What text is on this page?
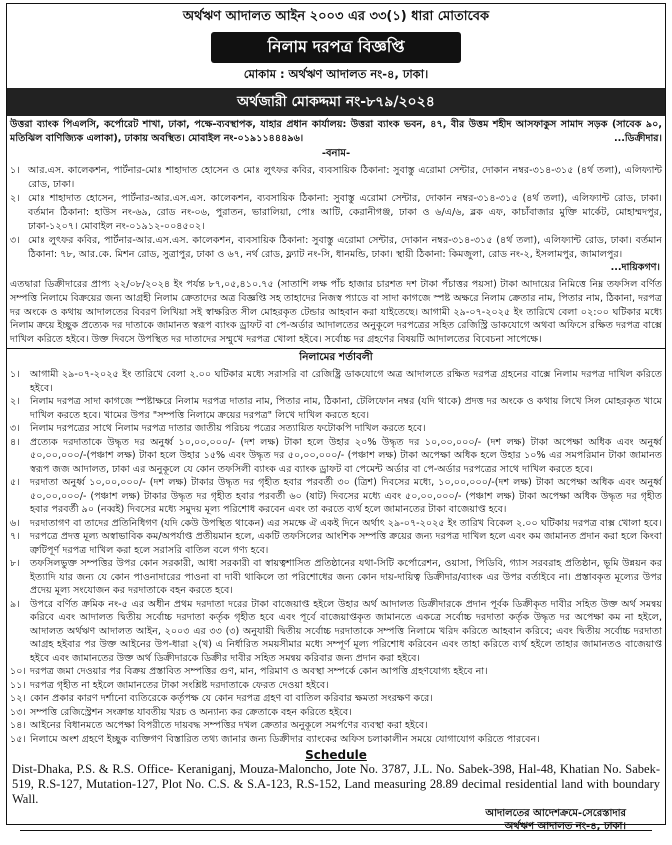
অর্থঋণ আদালত আইন ২০০৩ এর ৩৩(১) ধারা মোতাবেক
নিলাম দরপত্র বিজ্ঞপ্তি
মোকাম : অর্থঋণ আদালত নং-৪, ঢাকা।
অর্থজারী মোকদ্দমা নং-৮৭৯/২০২৪
উত্তরা ব্যাংক পিএলসি, কর্পোরেট শাখা, ঢাকা, পক্ষে-ব্যবস্থাপক, যাহার প্রধান কার্যালয়: উত্তরা ব্যাংক ভবন, ৪৭, বীর উত্তম শহীদ আসফাকুস সামাদ সড়ক (সাবেক ৯০, মতিঝিল বাণিজ্যিক এলাকা), ঢাকায় অবস্থিত। মোবাইল নং-০১৯১১৪৪৪৯৬।	...ডিক্রীদার।
-বনাম-
১। আর.এস. কালেকশন, পার্টনার-মোঃ শাহাদাত হোসেন ও মোঃ লুৎফর কবির, ব্যবসায়িক ঠিকানা: সুবাস্তু এরোমা সেন্টার, দোকান নম্বর-৩১৪-৩১৫ (৪র্থ তলা), এলিফ্যান্ট রোড, ঢাকা।
২। মোঃ শাহাদাত হোসেন, পার্টনার-আর.এস.এস. কালেকশন, ব্যবসায়িক ঠিকানা: সুবাস্তু এরোমা সেন্টার, দোকান নম্বর-৩১৪-৩১৫ (৪র্থ তলা), এলিফ্যান্ট রোড, ঢাকা। বর্তমান ঠিকানা: হাউস নং-৬৯, রোড নং-০৬, পুরাতন, ভারালিয়া, পোঃ আটি, কেরানীগঞ্জ, ঢাকা ও ৬/এ/৬, ব্লক এফ, কাচাঁবাজার মুক্তি মার্কেট, মোহাম্মদপুর, ঢাকা-১২০৭। মোবাইল নং-০১৯১২-০০৪৫০২।
৩। মোঃ লুৎফর কবির, পার্টনার-আর.এস.এস. কালেকশন, ব্যবসায়িক ঠিকানা: সুবাস্তু এরোমা সেন্টার, দোকান নম্বর-৩১৪-৩১৫ (৪র্থ তলা), এলিফ্যান্ট রোড, ঢাকা। বর্তমান ঠিকানা: ৭৮, আর.কে. মিশন রোড, সুত্রাপুর, ঢাকা ও ৬৭, নর্থ রোড, ফ্ল্যাট নং-সি, ধানমন্ডি, ঢাকা। স্থায়ী ঠিকানা: কিমজুলা, রোড নং-২, ইসলামপুর, জামালপুর।
...দায়িকগণ।
এতদ্বারা ডিক্রীদারের প্রাপ্য ২২/০৮/২০২৪ ইং পর্যন্ত ৮৭,০৫,৪১০.৭৫ (সাতাশি লক্ষ পাঁচ হাজার চারশত দশ টাকা পঁচাত্তর পয়সা) টাকা আদায়ের নিমিত্তে নিম্ন তফসিল বর্ণিত সম্পত্তি নিলামে বিক্রয়ের জন্য আগ্রহী নিলাম ক্রেতাদের অত্র বিজ্ঞপ্তি সহ তাহাদের নিজস্ব প্যাডে বা সাদা কাগজে স্পষ্ট অক্ষরে নিলাম ক্রেতার নাম, পিতার নাম, ঠিকানা, দরপত্র দর অংকে ও কথায় আদালতের বিবরণ লিখিয়া সই স্বাক্ষরিত সীল মোহরকৃত টেন্ডার আহবান করা যাইতেছে। আগামী ২৯-০৭-২০২৫ ইং তারিখে বেলা ০২:০০ ঘটিকার মধ্যে নিলাম ক্রয়ে ইচ্ছুক প্রত্যেক দর দাতাকে জামানত স্বরূপ ব্যাংক ড্রাফট বা পে-অর্ডার আদালতের অনুকূলে দরপত্রের সহিত রেজিস্ট্রি ডাকযোগে অথবা অফিসে রক্ষিত দরপত্র বাক্সে দাখিল করিতে হইবে। উক্ত দিবসে উপস্থিত দর দাতাদের সম্মুখে দরপত্র খোলা হইবে। সর্বোচ্চ দর গ্রহণের বিষয়টি আদালতের বিবেচনা সাপেক্ষে।
নিলামের শর্তাবলী
১।	আগামী ২৯-০৭-২০২৫ ইং তারিখে বেলা ২.০০ ঘটিকার মধ্যে সরাসরি বা রেজিষ্ট্রি ডাকযোগে অত্র আদালতে রক্ষিত দরপত্র গ্রহনের বাক্সে নিলাম দরপত্র দাখিল করিতে হইবে।
২।	নিলাম দরপত্র সাদা কাগজে স্পষ্টাক্ষরে নিলাম দরপত্র দাতার নাম, পিতার নাম, ঠিকানা, টেলিফোন নম্বর (যদি থাকে) প্রদত্ত দর অংকে ও কথায় লিখে সিল মোহরকৃত খামে দাখিল করতে হবে। খামের উপর "সম্পত্তি নিলামে ক্রয়ের দরপত্র" লিখে দাখিল করতে হবে।
৩।	নিলাম দরপত্রের সাথে নিলাম দরপত্র দাতার জাতীয় পরিচয় পত্রের সত্যায়িত ফটোকপি দাখিল করতে হবে।
৪।	প্রত্যেক দরদাতাকে উদ্ধৃত দর অনুর্ধ্ব ১০,০০,০০০/- (দশ লক্ষ) টাকা হলে উহার ২০% উদ্ধৃত দর ১০,০০,০০০/- (দশ লক্ষ) টাকা অপেক্ষা অধিক এবং অনুর্ধ্ব ৫০,০০,০০০/-(পঞ্চাশ লক্ষ) টাকা হলে উহার ১৫% এবং উদ্ধৃত দর ৫০,০০,০০০/- (পঞ্চাশ লক্ষ) টাকা অপেক্ষা অধিক হলে উহার ১০% এর সমপরিমান টাকা জামানত স্বরূপ জজ আদালত, ঢাকা এর অনুকূলে যে কোন তফসিলী ব্যাংক এর ব্যাংক ড্রাফট বা পেমেন্ট অর্ডার বা পে-অর্ডার দরপত্রের সাথে দাখিল করতে হবে।
৫।	দরদাতা অনুর্ধ্ব ১০,০০,০০০/- (দশ লক্ষ) টাকার উদ্ধৃত দর গৃহীত হবার পরবর্তী ৩০ (ত্রিশ) দিবসের মধ্যে, ১০,০০,০০০/-(দশ লক্ষ) টাকা অপেক্ষা অধিক এবং অনুর্ধ্ব ৫০,০০,০০০/- (পঞ্চাশ লক্ষ) টাকার উদ্ধৃত দর গৃহীত হবার পরবর্তী ৬০ (ষাট) দিবসের মধ্যে এবং ৫০,০০,০০০/- (পঞ্চাশ লক্ষ) টাকা অপেক্ষা অধিক উদ্ধৃত দর গৃহীত হবার পরবর্তী ৯০ (নব্বই) দিবসের মধ্যে সমুদয় মূল্য পরিশোধ করবেন এবং তা করতে ব্যর্থ হলে জামানতের টাকা বাজেয়াপ্ত হবে।
৬।	দরদাতাগণ বা তাদের প্রতিনিধিগণ (যদি কেউ উপস্থিত থাকেন) এর সমক্ষে ঐ একই দিনে অর্থাৎ ২৯-০৭-২০২৫ ইং তারিখ বিকেল ২.০০ ঘটিকায় দরপত্র বাক্স খোলা হবে।
৭।	দরপত্রে প্রদত্ত মূল্য অস্বাভাবিক কম/অপর্যাপ্ত প্রতীয়মান হলে, একটি তফসিলের আংশিক সম্পত্তি ক্রয়ের জন্য দরপত্র দাখিল হলে এবং কম জামানত প্রদান করা হলে কিংবা ত্রুটিপূর্ণ দরপত্র দাখিল করা হলে সরাসরি বাতিল বলে গণ্য হবে।
৮।	তফসিলভুক্ত সম্পত্তির উপর কোন সরকারী, আধা সরকারী বা স্বায়ত্বশাসিত প্রতিষ্ঠানের যথা-সিটি কর্পোরেশন, ওয়াসা, পিডিবি, গ্যাস সরবরাহ প্রতিষ্ঠান, ভূমি উন্নয়ন কর ইত্যাদি যার জন্য যে কোন পাওনাদারের পাওনা বা দাবী থাকিলে তা পরিশোধের জন্য কোন দায়-দায়িত্ব ডিক্রীদার/ব্যাংক এর উপর বর্তাইবে না। প্রস্তাবকৃত মূল্যের উপর প্রদেয় মূল্য সংযোজন কর দরদাতাকে বহন করতে হবে।
৯।	উপরে বর্ণিত ক্রমিক নং-৫ এর অধীন প্রথম দরদাতা দরের টাকা বাজেয়াপ্ত হইলে উহার অর্থ আদালত ডিক্রীদারকে প্রদান পূর্বক ডিক্রীকৃত দাবীর সহিত উক্ত অর্থ সমন্বয় করিবে এবং আদালত দ্বিতীয় সর্বোচ্চ দরদাতা কর্তৃক গৃহীত হবে এবং পূর্বে বাজেয়াপ্তকৃত জামানতে একত্রে সর্বোচ্চ দরদাতা কর্তৃক উদ্ধৃত দর অপেক্ষা কম না হইলে, আদালত অর্থঋণ আদালত আইন, ২০০৩ এর ৩৩ (৩) অনুযায়ী দ্বিতীয় সর্বোচ্চ দরদাতাকে সম্পত্তি নিলামে খরিদ করিতে আহবান করিবে; এবং দ্বিতীয় সর্বোচ্চ দরদাতা আগ্রহ হইবার পর উক্ত আইনের উপ-ধারা ২(খ) এ নির্ধারিত সময়সীমার মধ্যে সম্পূর্ণ মূল্য পরিশোধ করিবেন এবং তাহা করিতে ব্যর্থ হইলে তাহার জামানতও বাজেয়াপ্ত হইবে এবং জামানতের উক্ত অর্থ ডিক্রীদারকে ডিক্রীর দাবীর সহিত সমন্বয় করিবার জন্য প্রদান করা হইবে।
১০। দরপত্র জমা দেওয়ার পর বিক্রয় প্রস্তাবিত সম্পত্তির গুণ, মান, পরিমাণ ও অবস্থা সম্পর্কে কোন আপত্তি গ্রহণযোগ্য হইবে না।
১১। দরপত্র গৃহীত না হইলে জামানতের টাকা সংশ্লিষ্ট দরদাতাকে ফেরত দেওয়া হইবে।
১২। কোন প্রকার কারণ দর্শানো ব্যতিরেকে কর্তৃপক্ষ যে কোন দরপত্র গ্রহণ বা বাতিল করিবার ক্ষমতা সংরক্ষণ করে।
১৩। সম্পত্তি রেজিস্ট্রেশন সংক্রান্ত যাবতীয় খরচ ও অন্যান্য কর ক্রেতাকে বহন করিতে হইবে।
১৪। আইনের বিধানমতে অপেক্ষা বিপরীতে দায়বদ্ধ সম্পত্তির দখল ক্রেতার অনুকূলে সমর্পণের ব্যবস্থা করা হইবে।
১৫। নিলামে অংশ গ্রহণে ইচ্ছুক ব্যক্তিগণ বিস্তারিত তথ্য জানার জন্য ডিক্রীদার ব্যাংকের অফিস চলাকালীন সময়ে যোগাযোগ করিতে পারবেন।
Schedule
Dist-Dhaka, P.S. & R.S. Office- Keraniganj, Mouza-Maloncho, Jote No. 3787, J.L. No. Sabek-398, Hal-48, Khatian No. Sabek-519, R.S-127, Mutation-127, Plot No. C.S. & S.A-123, R.S-152, Land measuring 28.89 decimal residential land with boundary Wall.
আদালতের আদেশক্রমে-সেরেস্তাদার
অর্থঋণ আদালত নং-৪, ঢাকা।
